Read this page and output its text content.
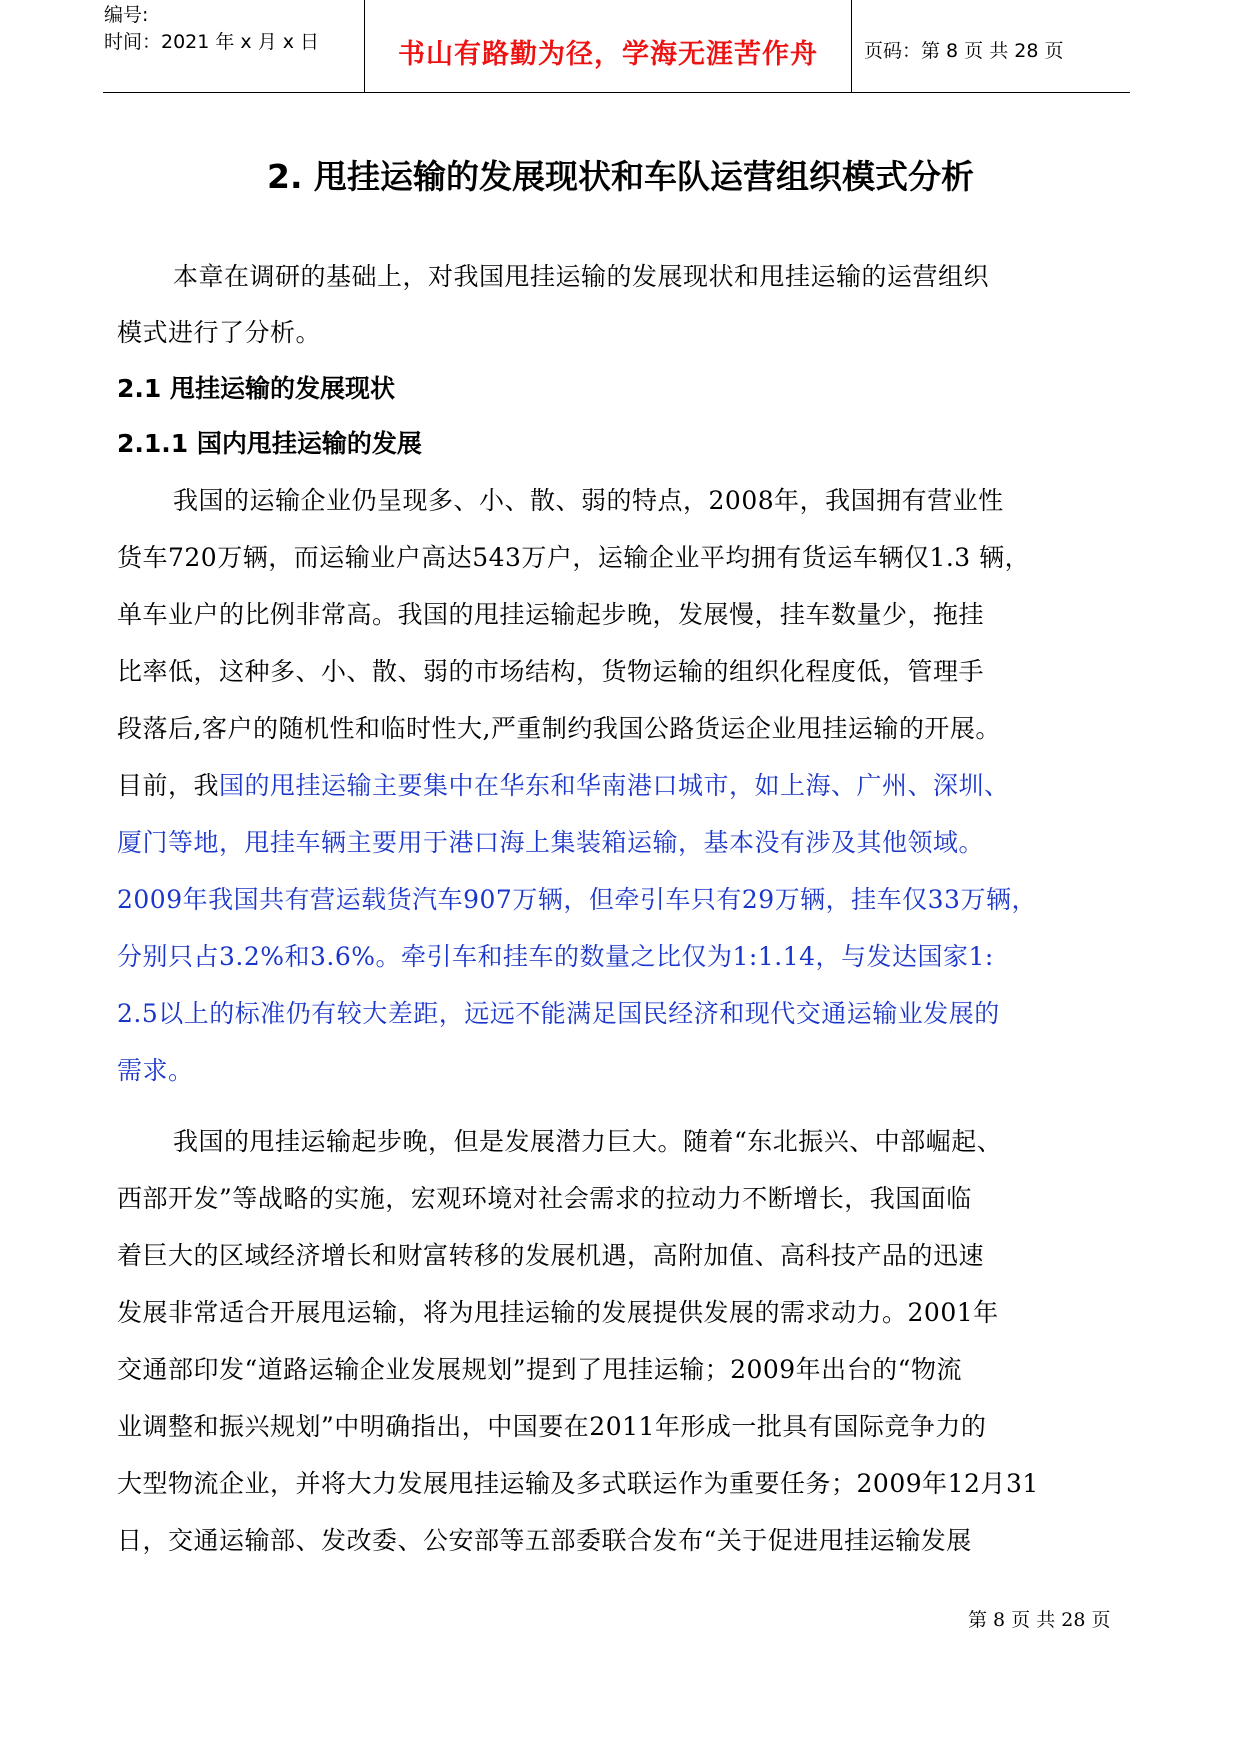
编号:
时间：2021 年 x 月 x 日	书山有路勤为径，学海无涯苦作舟	页码：第 8 页 共 28 页
2. 甩挂运输的发展现状和车队运营组织模式分析
本章在调研的基础上，对我国甩挂运输的发展现状和甩挂运输的运营组织
模式进行了分析。
2.1 甩挂运输的发展现状
2.1.1 国内甩挂运输的发展
我国的运输企业仍呈现多、小、散、弱的特点，2008年，我国拥有营业性
货车720万辆，而运输业户高达543万户，运输企业平均拥有货运车辆仅1.3 辆，
单车业户的比例非常高。我国的甩挂运输起步晚，发展慢，挂车数量少，拖挂
比率低，这种多、小、散、弱的市场结构，货物运输的组织化程度低，管理手
段落后,客户的随机性和临时性大,严重制约我国公路货运企业甩挂运输的开展。
目前，我国的甩挂运输主要集中在华东和华南港口城市，如上海、广州、深圳、
厦门等地，甩挂车辆主要用于港口海上集装箱运输，基本没有涉及其他领域。
2009年我国共有营运载货汽车907万辆，但牵引车只有29万辆，挂车仅33万辆，
分别只占3.2%和3.6%。牵引车和挂车的数量之比仅为1:1.14，与发达国家1:
2.5以上的标准仍有较大差距，远远不能满足国民经济和现代交通运输业发展的
需求。
我国的甩挂运输起步晚，但是发展潜力巨大。随着“东北振兴、中部崛起、
西部开发”等战略的实施，宏观环境对社会需求的拉动力不断增长，我国面临
着巨大的区域经济增长和财富转移的发展机遇，高附加值、高科技产品的迅速
发展非常适合开展甩运输，将为甩挂运输的发展提供发展的需求动力。2001年
交通部印发“道路运输企业发展规划”提到了甩挂运输；2009年出台的“物流
业调整和振兴规划”中明确指出，中国要在2011年形成一批具有国际竞争力的
大型物流企业，并将大力发展甩挂运输及多式联运作为重要任务；2009年12月31
日，交通运输部、发改委、公安部等五部委联合发布“关于促进甩挂运输发展
第 8 页 共 28 页
